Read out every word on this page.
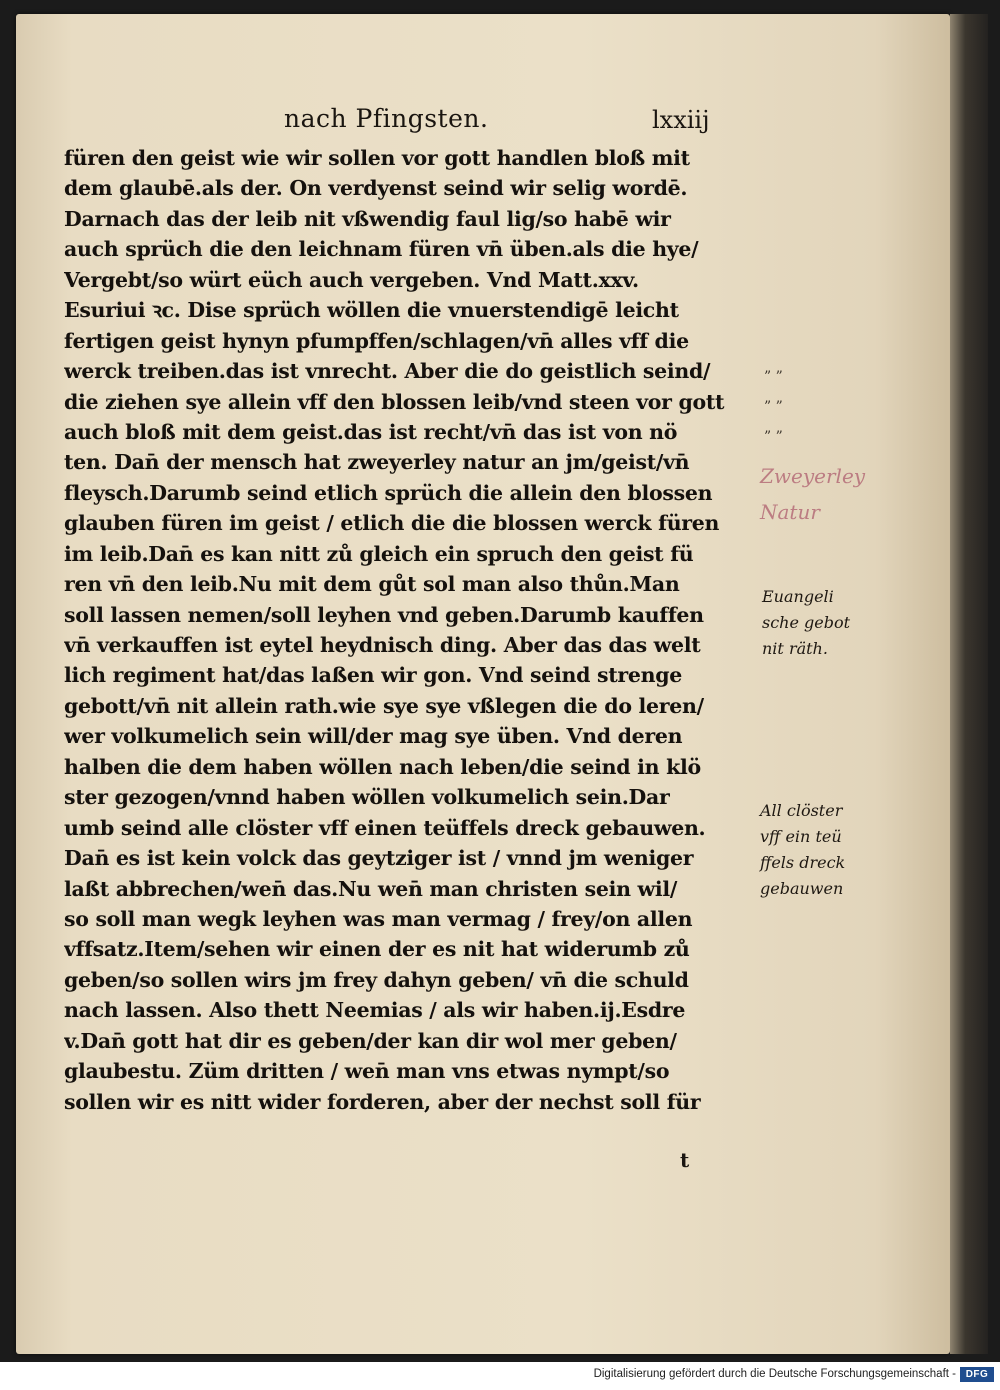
nach Pfingsten.	lxxiij
füren den geist wie wir sollen vor gott handlen bloß mit
dem glaubē.als der. On verdyenst seind wir selig wordē.
Darnach das der leib nit vßwendig faul lig/so habē wir
auch sprüch die den leichnam füren vn̄ üben.als die hye/
Vergebt/so würt eüch auch vergeben. Vnd Matt.xxv.
Esuriui ꝛc. Dise sprüch wöllen die vnuerstendigē leicht
fertigen geist hynyn pfumpffen/schlagen/vn̄ alles vff die
werck treiben.das ist vnrecht. Aber die do geistlich seind/
die ziehen sye allein vff den blossen leib/vnd steen vor gott
auch bloß mit dem geist.das ist recht/vn̄ das ist von nö
ten. Dan̄ der mensch hat zweyerley natur an jm/geist/vn̄
fleysch.Darumb seind etlich sprüch die allein den blossen
glauben füren im geist / etlich die die blossen werck füren
im leib.Dan̄ es kan nitt zů gleich ein spruch den geist fü
ren vn̄ den leib.Nu mit dem gůt sol man also thůn.Man
soll lassen nemen/soll leyhen vnd geben.Darumb kauffen
vn̄ verkauffen ist eytel heydnisch ding. Aber das das welt
lich regiment hat/das laßen wir gon. Vnd seind strenge
gebott/vn̄ nit allein rath.wie sye sye vßlegen die do leren/
wer volkumelich sein will/der mag sye üben. Vnd deren
halben die dem haben wöllen nach leben/die seind in klö
ster gezogen/vnnd haben wöllen volkumelich sein.Dar
umb seind alle clöster vff einen teüffels dreck gebauwen.
Dan̄ es ist kein volck das geytziger ist / vnnd jm weniger
laßt abbrechen/wen̄ das.Nu wen̄ man christen sein wil/
so soll man wegk leyhen was man vermag / frey/on allen
vffsatz.Item/sehen wir einen der es nit hat widerumb zů
geben/so sollen wirs jm frey dahyn geben/ vn̄ die schuld
nach lassen. Also thett Neemias / als wir haben.ij.Esdre
v.Dan̄ gott hat dir es geben/der kan dir wol mer geben/
glaubestu. Züm dritten / wen̄ man vns etwas nympt/so
sollen wir es nitt wider forderen, aber der nechst soll für
” ”
” ”
” ”
Zweyerley
Natur
Euangeli
sche gebot
nit räth.
All clöster
vff ein teü
ffels dreck
gebauwen
t
Digitalisierung gefördert durch die Deutsche Forschungsgemeinschaft - DFG
